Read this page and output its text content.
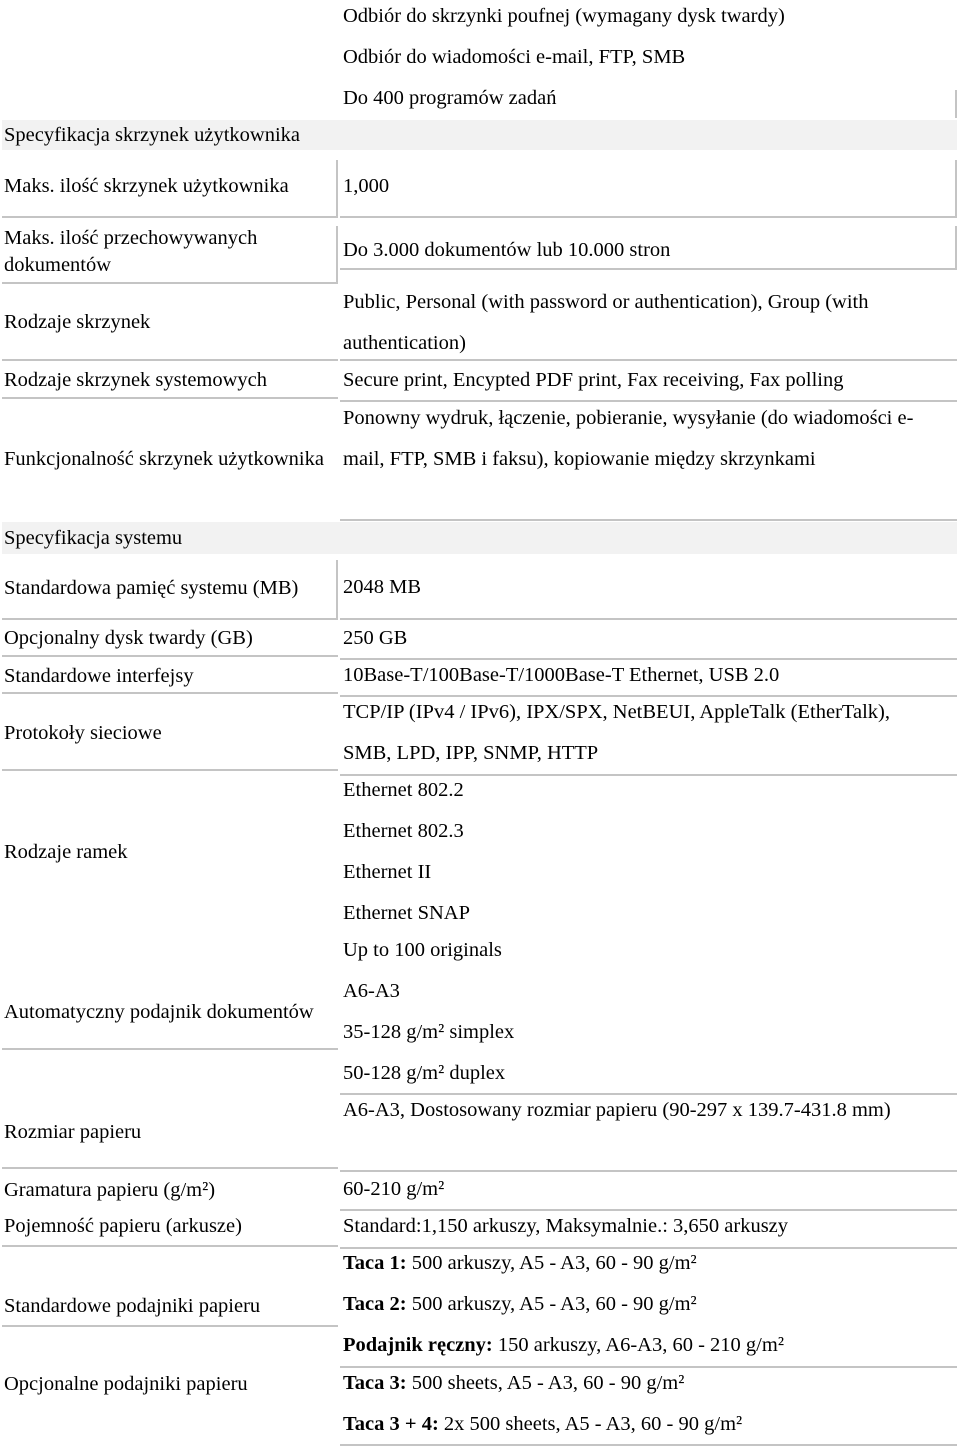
Maks. ilość skrzynek użytkownika
Maks. ilość przechowywanych dokumentów
Rodzaje skrzynek
Rodzaje skrzynek systemowych
Funkcjonalność skrzynek użytkownika
Standardowa pamięć systemu (MB)
Opcjonalny dysk twardy (GB)
Standardowe interfejsy
Protokoły sieciowe
Rodzaje ramek
Automatyczny podajnik dokumentów
Rozmiar papieru
Gramatura papieru (g/m²)
Pojemność papieru (arkusze)
Standardowe podajniki papieru
Opcjonalne podajniki papieru
Specyfikacja skrzynek użytkownika
Specyfikacja systemu
Odbiór do skrzynki poufnej (wymagany dysk twardy)
Odbiór do wiadomości e-mail, FTP, SMB
Do 400 programów zadań
1,000
Do 3.000 dokumentów lub 10.000 stron
Public, Personal (with password or authentication), Group (with authentication)
Secure print, Encypted PDF print, Fax receiving, Fax polling
Ponowny wydruk, łączenie, pobieranie, wysyłanie (do wiadomości e-mail, FTP, SMB i faksu), kopiowanie między skrzynkami
2048 MB
250 GB
10Base-T/100Base-T/1000Base-T Ethernet, USB 2.0
TCP/IP (IPv4 / IPv6), IPX/SPX, NetBEUI, AppleTalk (EtherTalk), SMB, LPD, IPP, SNMP, HTTP
Ethernet 802.2
Ethernet 802.3
Ethernet II
Ethernet SNAP
Up to 100 originals
A6-A3
35-128 g/m² simplex
50-128 g/m² duplex
A6-A3, Dostosowany rozmiar papieru (90-297 x 139.7-431.8 mm)
60-210 g/m²
Standard:1,150 arkuszy, Maksymalnie.: 3,650 arkuszy
Taca 1: 500 arkuszy, A5 - A3, 60 - 90 g/m²
Taca 2: 500 arkuszy, A5 - A3, 60 - 90 g/m²
Podajnik ręczny: 150 arkuszy, A6-A3, 60 - 210 g/m²
Taca 3: 500 sheets, A5 - A3, 60 - 90 g/m²
Taca 3 + 4: 2x 500 sheets, A5 - A3, 60 - 90 g/m²
